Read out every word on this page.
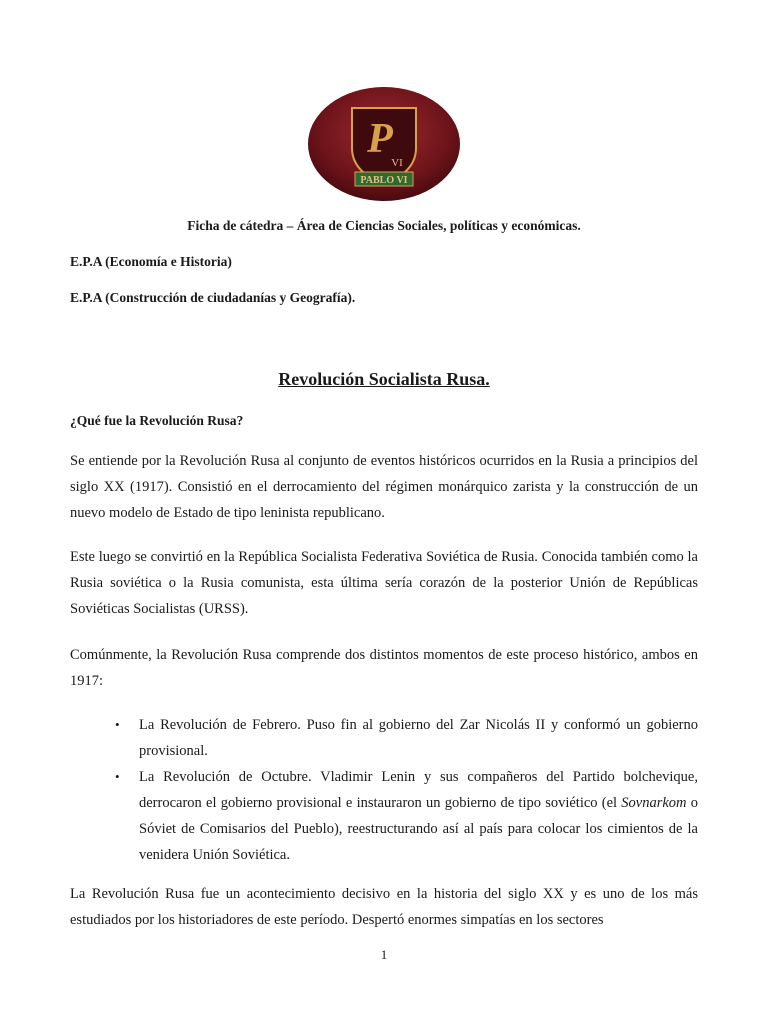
P
VI
PABLO VI
Ficha de cátedra – Área de Ciencias Sociales, políticas y económicas.
E.P.A (Economía e Historia)
E.P.A (Construcción de ciudadanías y Geografía).
Revolución Socialista Rusa.
¿Qué fue la Revolución Rusa?

Se entiende por la Revolución Rusa al conjunto de eventos históricos ocurridos en la Rusia a principios del siglo XX (1917). Consistió en el derrocamiento del régimen monárquico zarista y la construcción de un nuevo modelo de Estado de tipo leninista republicano.

Este luego se convirtió en la República Socialista Federativa Soviética de Rusia. Conocida también como la Rusia soviética o la Rusia comunista, esta última sería corazón de la posterior Unión de Repúblicas Soviéticas Socialistas (URSS).

Comúnmente, la Revolución Rusa comprende dos distintos momentos de este proceso histórico, ambos en 1917:

• La Revolución de Febrero. Puso fin al gobierno del Zar Nicolás II y conformó un gobierno provisional.
• La Revolución de Octubre. Vladimir Lenin y sus compañeros del Partido bolchevique, derrocaron el gobierno provisional e instauraron un gobierno de tipo soviético (el Sovnarkom o Sóviet de Comisarios del Pueblo), reestructurando así al país para colocar los cimientos de la venidera Unión Soviética.

La Revolución Rusa fue un acontecimiento decisivo en la historia del siglo XX y es uno de los más estudiados por los historiadores de este período. Despertó enormes simpatías en los sectores

1
